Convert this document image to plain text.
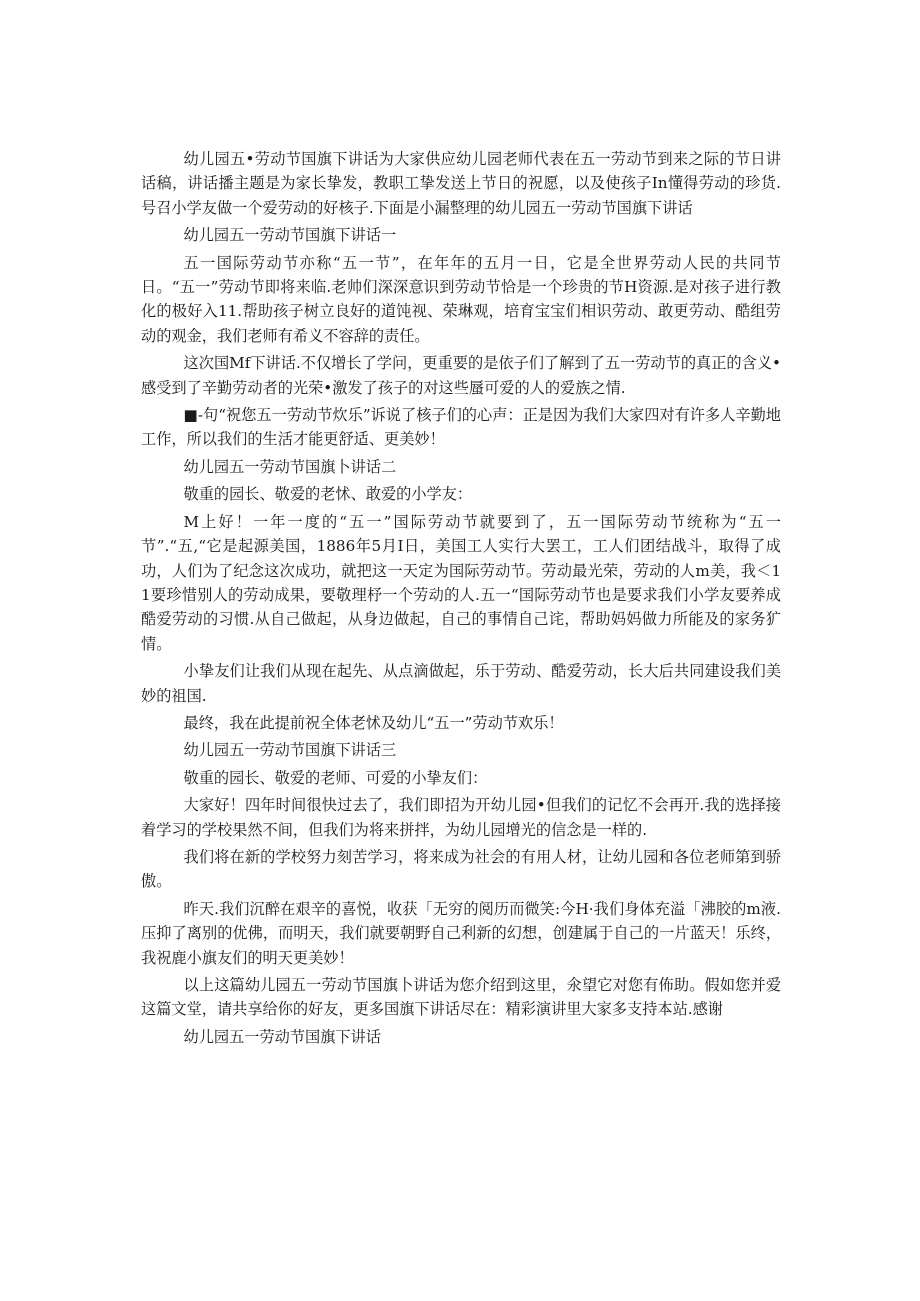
幼儿园五•劳动节国旗下讲话为大家供应幼儿园老师代表在五一劳动节到来之际的节日讲话稿，讲话播主题是为家长挚发，教职工挚发送上节日的祝愿，以及使孩子In懂得劳动的珍货.号召小学友做一个爱劳动的好核子.下面是小漏整理的幼儿园五一劳动节国旗下讲话

幼儿园五一劳动节国旗下讲话一

五一国际劳动节亦称“五一节”，在年年的五月一日，它是全世界劳动人民的共同节日。“五一”劳动节即将来临.老帅们深深意识到劳动节恰是一个珍贵的节H资源.是对孩子进行教化的极好入11.帮助孩子树立良好的道饨视、荣琳观，培育宝宝们相识劳动、敢更劳动、酷组劳动的观金，我们老师有希义不容辞的责任。

这次国Mf下讲话.不仅增长了学问，更重要的是依子们了解到了五一劳动节的真正的含义•感受到了辛勤劳动者的光荣•激发了孩子的对这些蜃可爱的人的爱族之情.

■-句“祝您五一劳动节炊乐”诉说了核子们的心声：正是因为我们大家四对有许多人辛勤地工作，所以我们的生活才能更舒适、更美妙！

幼儿园五一劳动节国旗卜讲话二

敬重的园长、敬爱的老怵、敢爱的小学友：

M上好！一年一度的“五一”国际劳动节就要到了，五一国际劳动节统称为“五一节”.“五,“它是起源美国，1886年5月I日，美国工人实行大罢工，工人们团结战斗，取得了成功，人们为了纪念这次成功，就把这一天定为国际劳动节。劳动最光荣，劳动的人m美，我＜11要珍惜别人的劳动成果，要敬理杼一个劳动的人.五一“国际劳动节也是要求我们小学友要养成酷爱劳动的习惯.从自己做起，从身边做起，自己的事情自己诧，帮助妈妈做力所能及的家务犷情。

小挚友们让我们从现在起先、从点滴做起，乐于劳动、酷爱劳动，长大后共同建设我们美妙的祖国.

最终，我在此提前祝全体老怵及幼儿“五一”劳动节欢乐！

幼儿园五一劳动节国旗下讲话三

敬重的园长、敬爱的老师、可爱的小挚友们：

大家好！四年时间很快过去了，我们即招为开幼儿园•但我们的记忆不会再开.我的选择接着学习的学校果然不间，但我们为将来拼拌，为幼儿园增光的信念是一样的.

我们将在新的学校努力刻苦学习，将来成为社会的有用人材，让幼儿园和各位老师第到骄傲。

昨天.我们沉醉在艰辛的喜悦，收获「无穷的阅历而微笑:今H·我们身体充溢「沸胶的m液.压抑了离别的优佛，而明天，我们就要朝野自己利新的幻想，创建属于自己的一片蓝天！乐终，我祝鹿小旗友们的明天更美妙！

以上这篇幼儿园五一劳动节国旗卜讲话为您介绍到这里，氽望它对您有佈助。假如您并爱这篇文堂，请共享给你的好友，更多国旗下讲话尽在：精彩演讲里大家多支持本站.感谢

幼儿园五一劳动节国旗下讲话
